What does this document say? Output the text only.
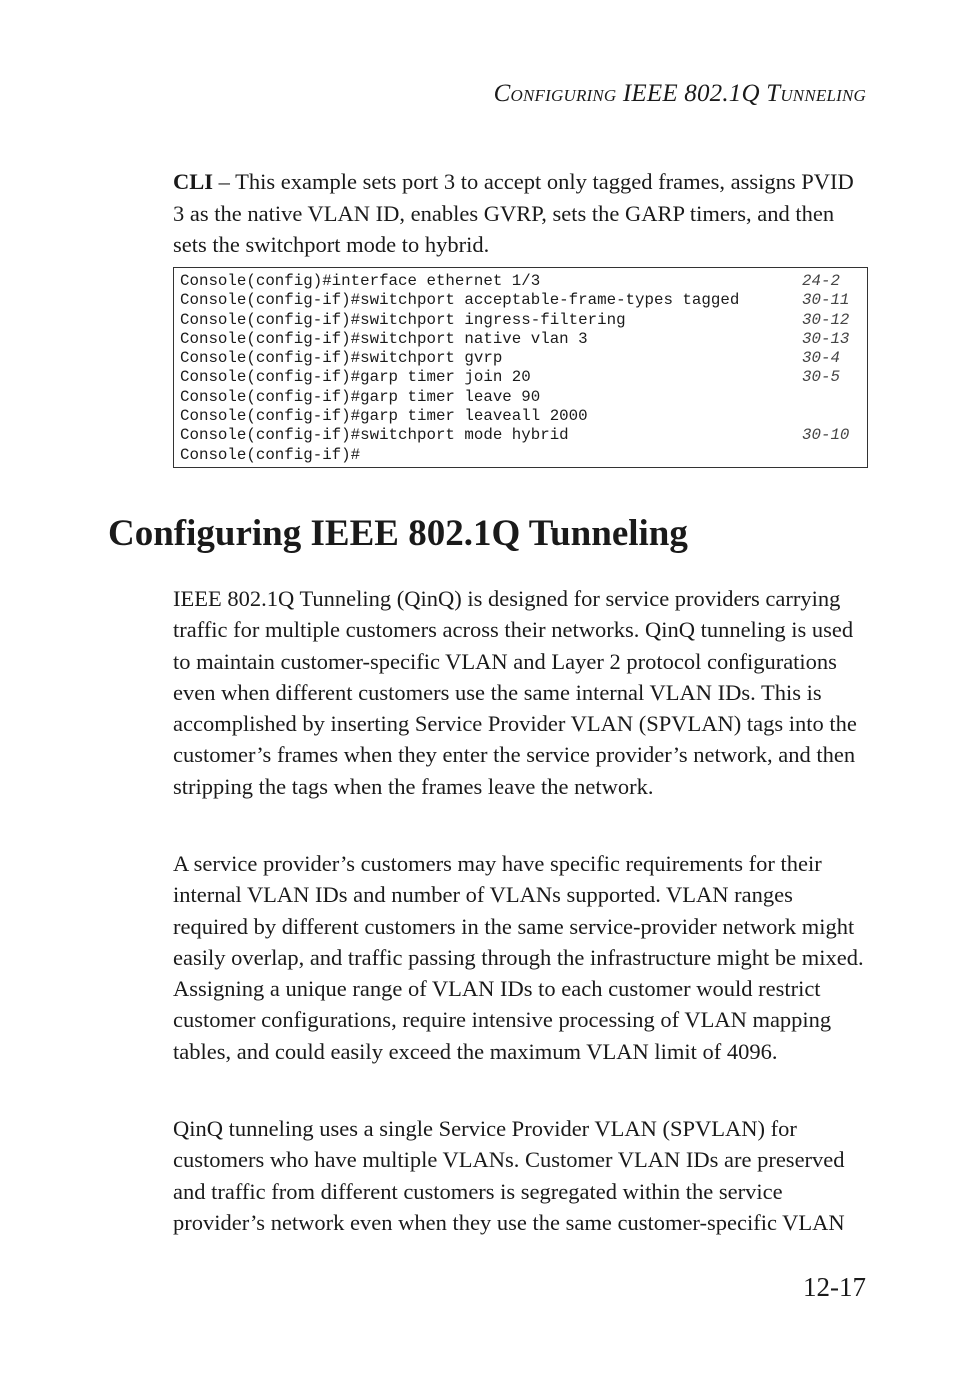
CONFIGURING IEEE 802.1Q TUNNELING
CLI – This example sets port 3 to accept only tagged frames, assigns PVID 3 as the native VLAN ID, enables GVRP, sets the GARP timers, and then sets the switchport mode to hybrid.
Console(config)#interface ethernet 1/3	24-2
Console(config-if)#switchport acceptable-frame-types tagged	30-11
Console(config-if)#switchport ingress-filtering	30-12
Console(config-if)#switchport native vlan 3	30-13
Console(config-if)#switchport gvrp	30-4
Console(config-if)#garp timer join 20	30-5
Console(config-if)#garp timer leave 90
Console(config-if)#garp timer leaveall 2000
Console(config-if)#switchport mode hybrid	30-10
Console(config-if)#
Configuring IEEE 802.1Q Tunneling

IEEE 802.1Q Tunneling (QinQ) is designed for service providers carrying traffic for multiple customers across their networks. QinQ tunneling is used to maintain customer-specific VLAN and Layer 2 protocol configurations even when different customers use the same internal VLAN IDs. This is accomplished by inserting Service Provider VLAN (SPVLAN) tags into the customer’s frames when they enter the service provider’s network, and then stripping the tags when the frames leave the network.

A service provider’s customers may have specific requirements for their internal VLAN IDs and number of VLANs supported. VLAN ranges required by different customers in the same service-provider network might easily overlap, and traffic passing through the infrastructure might be mixed. Assigning a unique range of VLAN IDs to each customer would restrict customer configurations, require intensive processing of VLAN mapping tables, and could easily exceed the maximum VLAN limit of 4096.

QinQ tunneling uses a single Service Provider VLAN (SPVLAN) for customers who have multiple VLANs. Customer VLAN IDs are preserved and traffic from different customers is segregated within the service provider’s network even when they use the same customer-specific VLAN

12-17
